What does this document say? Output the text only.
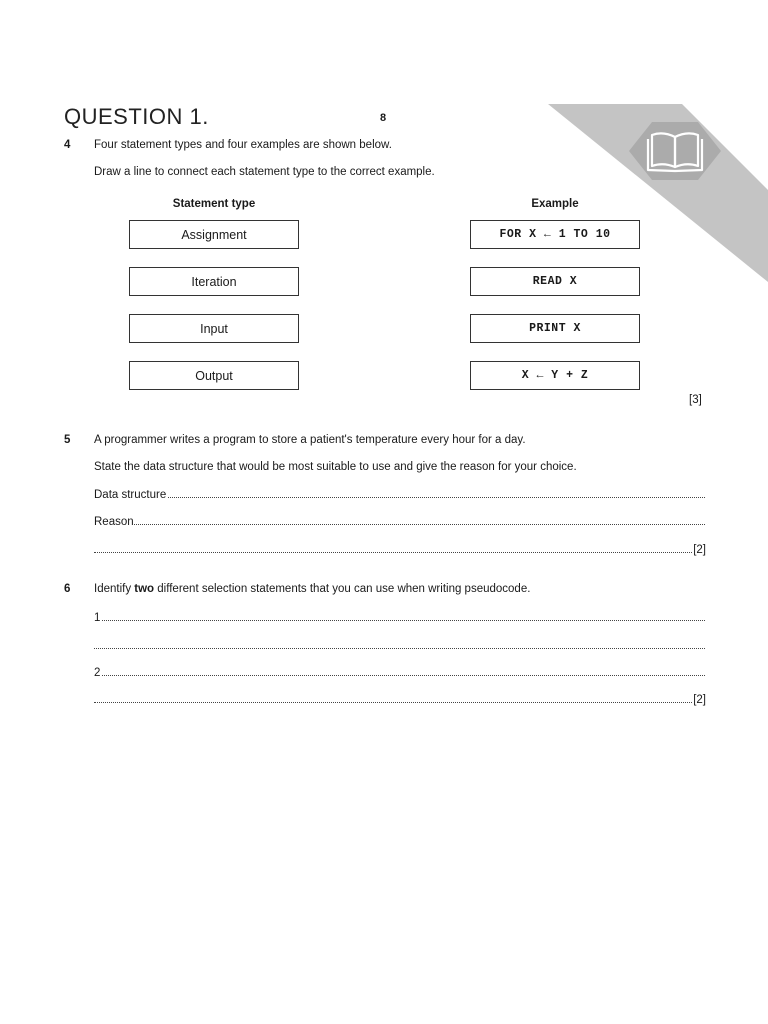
QUESTION 1.	8
4 Four statement types and four examples are shown below.
Draw a line to connect each statement type to the correct example.
Statement type	Example
Assignment
Iteration
Input
Output
FOR X ← 1 TO 10
READ X
PRINT X
X ← Y + Z
[3]
5 A programmer writes a program to store a patient's temperature every hour for a day.
State the data structure that would be most suitable to use and give the reason for your choice.
Data structure
Reason
[2]
6 Identify two different selection statements that you can use when writing pseudocode.
1
2
[2]
